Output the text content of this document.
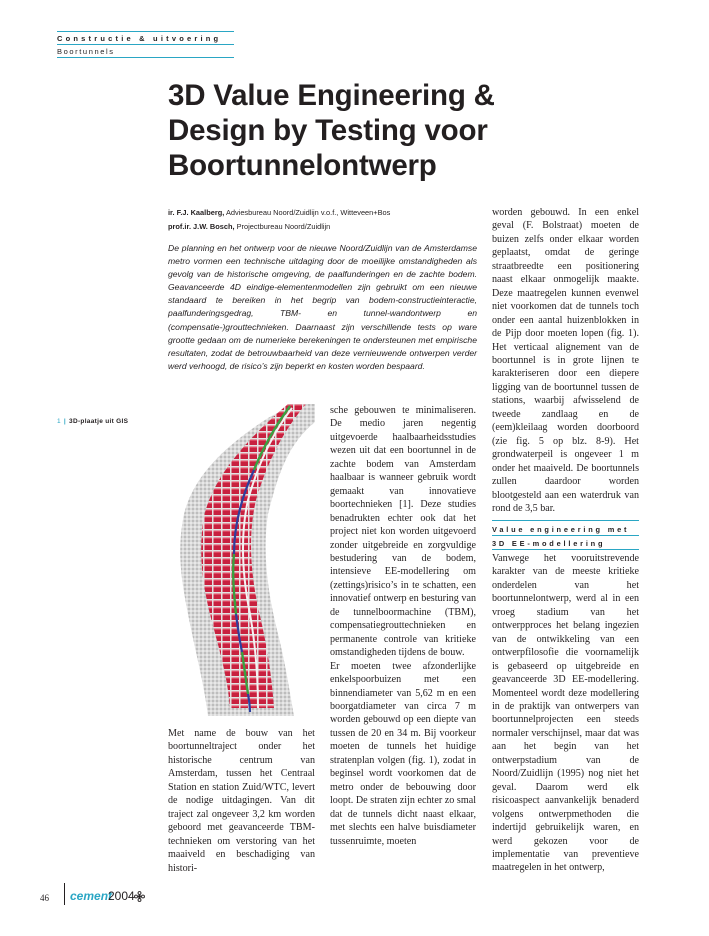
Constructie & uitvoering
Boortunnels
3D Value Engineering & Design by Testing voor Boortunnelontwerp
ir. F.J. Kaalberg, Adviesbureau Noord/Zuidlijn v.o.f., Witteveen+Bos
prof.ir. J.W. Bosch, Projectbureau Noord/Zuidlijn

De planning en het ontwerp voor de nieuwe Noord/Zuidlijn van de Amsterdamse metro vormen een technische uitdaging door de moeilijke omstandigheden als gevolg van de historische omgeving, de paalfunderingen en de zachte bodem. Geavanceerde 4D eindige-elementenmodellen zijn gebruikt om een nieuwe standaard te bereiken in het begrip van bodem-constructieinteractie, paalfunderingsgedrag, TBM- en tunnel-wandontwerp en (compensatie-)grouttechnieken. Daarnaast zijn verschillende tests op ware grootte gedaan om de numerieke berekeningen te ondersteunen met empirische resultaten, zodat de betrouwbaarheid van deze vernieuwende ontwerpen verder werd verhoogd, de risico’s zijn beperkt en kosten worden bespaard.

1 | 3D-plaatje uit GIS

Met name de bouw van het boortunneltraject onder het historische centrum van Amsterdam, tussen het Centraal Station en station Zuid/WTC, levert de nodige uitdagingen. Van dit traject zal ongeveer 3,2 km worden geboord met geavanceerde TBM-technieken om verstoring van het maaiveld en beschadiging van histori-

sche gebouwen te minimaliseren. De medio jaren negentig uitgevoerde haalbaarheidsstudies wezen uit dat een boortunnel in de zachte bodem van Amsterdam haalbaar is wanneer gebruik wordt gemaakt van innovatieve boortechnieken [1]. Deze studies benadrukten echter ook dat het project niet kon worden uitgevoerd zonder uitgebreide en zorgvuldige bestudering van de bodem, intensieve EE-modellering om (zettings)risico’s in te schatten, een innovatief ontwerp en besturing van de tunnelboormachine (TBM), compensatiegrouttechnieken en permanente controle van kritieke omstandigheden tijdens de bouw.
Er moeten twee afzonderlijke enkelspoorbuizen met een binnendiameter van 5,62 m en een boorgatdiameter van circa 7 m worden gebouwd op een diepte van tussen de 20 en 34 m. Bij voorkeur moeten de tunnels het huidige stratenplan volgen (fig. 1), zodat in beginsel wordt voorkomen dat de metro onder de bebouwing door loopt. De straten zijn echter zo smal dat de tunnels dicht naast elkaar, met slechts een halve buisdiameter tussenruimte, moeten

worden gebouwd. In een enkel geval (F. Bolstraat) moeten de buizen zelfs onder elkaar worden geplaatst, omdat de geringe straatbreedte een positionering naast elkaar onmogelijk maakte. Deze maatregelen kunnen evenwel niet voorkomen dat de tunnels toch onder een aantal huizenblokken in de Pijp door moeten lopen (fig. 1). Het verticaal alignement van de boortunnel is in grote lijnen te karakteriseren door een diepere ligging van de boortunnel tussen de stations, waarbij afwisselend de tweede zandlaag en de (eem)kleilaag worden doorboord (zie fig. 5 op blz. 8-9). Het grondwaterpeil is ongeveer 1 m onder het maaiveld. De boortunnels zullen daardoor worden blootgesteld aan een waterdruk van rond de 3,5 bar.

Value engineering met
3D EE-modellering

Vanwege het vooruitstrevende karakter van de meeste kritieke onderdelen van het boortunnelontwerp, werd al in een vroeg stadium van het ontwerpproces het belang ingezien van de ontwikkeling van een ontwerpfilosofie die voornamelijk is gebaseerd op uitgebreide en geavanceerde 3D EE-modellering. Momenteel wordt deze modellering in de praktijk van ontwerpers van boortunnelprojecten een steeds normaler verschijnsel, maar dat was aan het begin van het ontwerpstadium van de Noord/Zuidlijn (1995) nog niet het geval. Daarom werd elk risicoaspect aanvankelijk benaderd volgens ontwerpmethoden die indertijd gebruikelijk waren, en werd gekozen voor de implementatie van preventieve maatregelen in het ontwerp,

46 cement
2004
